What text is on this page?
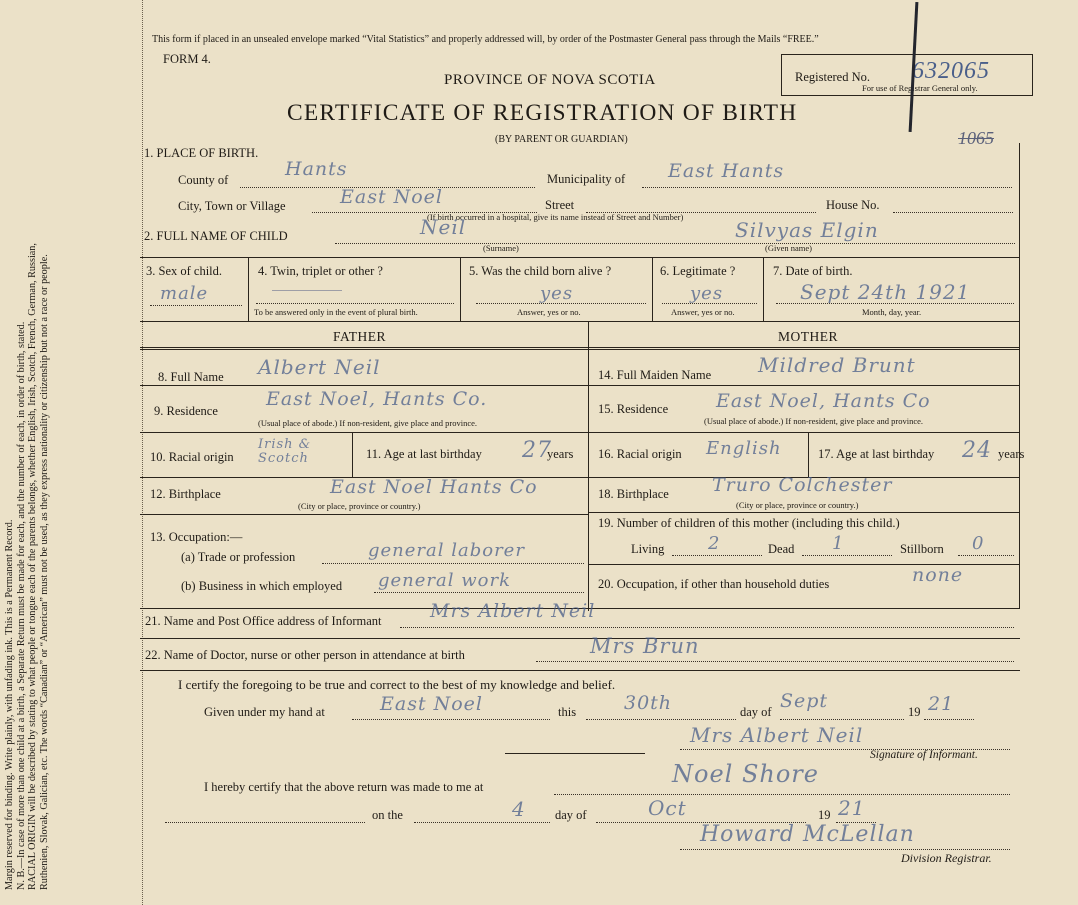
Margin reserved for binding. Write plainly, with unfading ink. This is a Permanent Record. N. B.—In case of more than one child at a birth, a Separate Return must be made for each, and the number of each, in order of birth, stated. RACIAL ORIGIN will be described by stating to what people or tongue each of the parents belongs, whether English, Irish, Scotch, French, German, Russian, Ruthenien, Slovak, Galician, etc. The words “Canadian” or “American” must not be used, as they express nationality or citizenship but not a race or people.
This form if placed in an unsealed envelope marked “Vital Statistics” and properly addressed will, by order of the Postmaster General pass through the Mails “FREE.”
FORM 4.
PROVINCE OF NOVA SCOTIA
CERTIFICATE OF REGISTRATION OF BIRTH
(BY PARENT OR GUARDIAN)
Registered No. 632065
For use of Registrar General only.
1065
1. PLACE OF BIRTH.
County of	Hants	Municipality of East Hants
City, Town or Village	East Noel	Street	House No.
(If birth occurred in a hospital, give its name instead of Street and Number)
2. FULL NAME OF CHILD	Neil	Silvyas Elgin
(Surname)	(Given name)
3. Sex of child.
male
4. Twin, triplet or other ?
To be answered only in the event of plural birth.
5. Was the child born alive ?
yes
Answer, yes or no.
6. Legitimate ?
yes
Answer, yes or no.
7. Date of birth.
Sept 24th 1921
Month, day, year.
FATHER	MOTHER
8. Full Name Albert Neil
9. Residence
East Noel, Hants Co.
(Usual place of abode.) If non-resident, give place and province.
10. Racial origin
Irish & Scotch	11. Age at last birthday 27
years
12. Birthplace	East Noel Hants Co
(City or place, province or country.)
13. Occupation:—
(a) Trade or profession	general laborer
(b) Business in which employed general work
14. Full Maiden Name Mildred Brunt
15. Residence	East Noel, Hants Co
(Usual place of abode.) If non-resident, give place and province.
16. Racial origin English	17. Age at last birthday 24 years
18. Birthplace Truro Colchester
(City or place, province or country.)
19. Number of children of this mother (including this child.)
Living 2	Dead 1	Stillborn 0
20. Occupation, if other than household duties	none
21. Name and Post Office address of Informant	Mrs Albert Neil
22. Name of Doctor, nurse or other person in attendance at birth	Mrs Brun
I certify the foregoing to be true and correct to the best of my knowledge and belief.
Given under my hand at	East Noel	this	30th	day of Sept	19 21
Mrs Albert Neil
Signature of Informant.
I hereby certify that the above return was made to me at	Noel Shore
on the	4 day of	Oct	19 21
Howard McLellan
Division Registrar.
